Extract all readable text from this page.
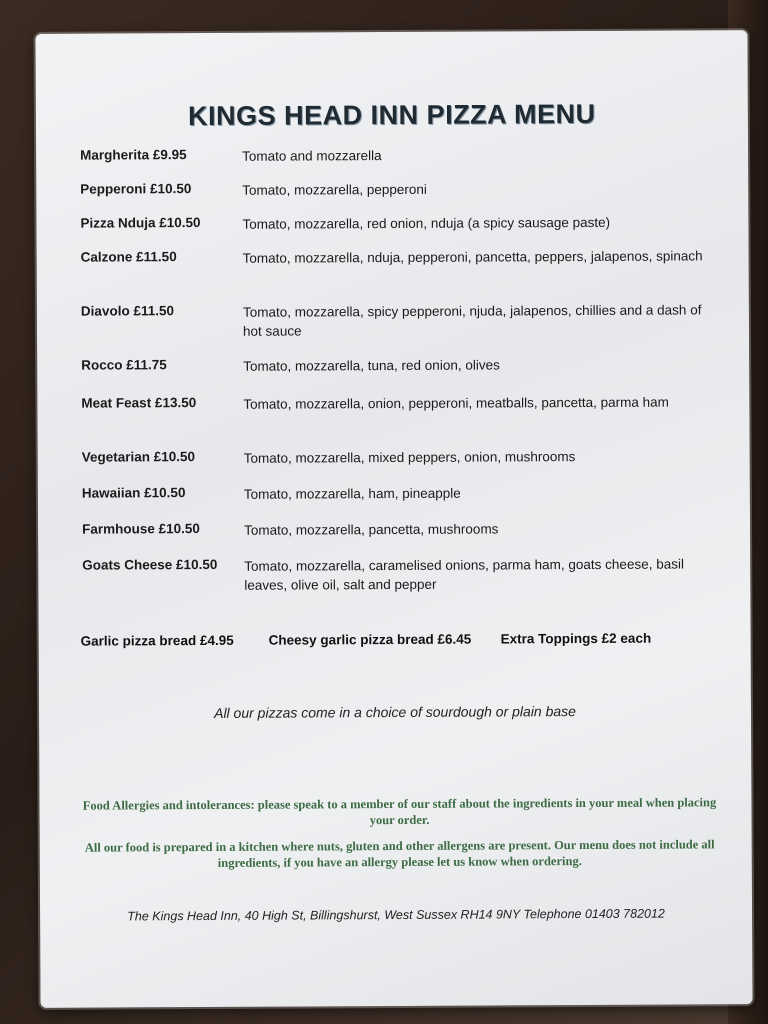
KINGS HEAD INN PIZZA MENU
Margherita £9.95	Tomato and mozzarella
Pepperoni £10.50	Tomato, mozzarella, pepperoni
Pizza Nduja £10.50	Tomato, mozzarella, red onion, nduja (a spicy sausage paste)
Calzone £11.50	Tomato, mozzarella, nduja, pepperoni, pancetta, peppers, jalapenos, spinach
Diavolo £11.50	Tomato, mozzarella, spicy pepperoni, njuda, jalapenos, chillies and a dash of hot sauce
Rocco £11.75	Tomato, mozzarella, tuna, red onion, olives
Meat Feast £13.50	Tomato, mozzarella, onion, pepperoni, meatballs, pancetta, parma ham
Vegetarian £10.50	Tomato, mozzarella, mixed peppers, onion, mushrooms
Hawaiian £10.50	Tomato, mozzarella, ham, pineapple
Farmhouse £10.50	Tomato, mozzarella, pancetta, mushrooms
Goats Cheese £10.50	Tomato, mozzarella, caramelised onions, parma ham, goats cheese, basil leaves, olive oil, salt and pepper
Garlic pizza bread £4.95	Cheesy garlic pizza bread £6.45 Extra Toppings £2 each
All our pizzas come in a choice of sourdough or plain base
Food Allergies and intolerances: please speak to a member of our staff about the ingredients in your meal when placing your order.
All our food is prepared in a kitchen where nuts, gluten and other allergens are present. Our menu does not include all ingredients, if you have an allergy please let us know when ordering.
The Kings Head Inn, 40 High St, Billingshurst, West Sussex RH14 9NY Telephone 01403 782012
